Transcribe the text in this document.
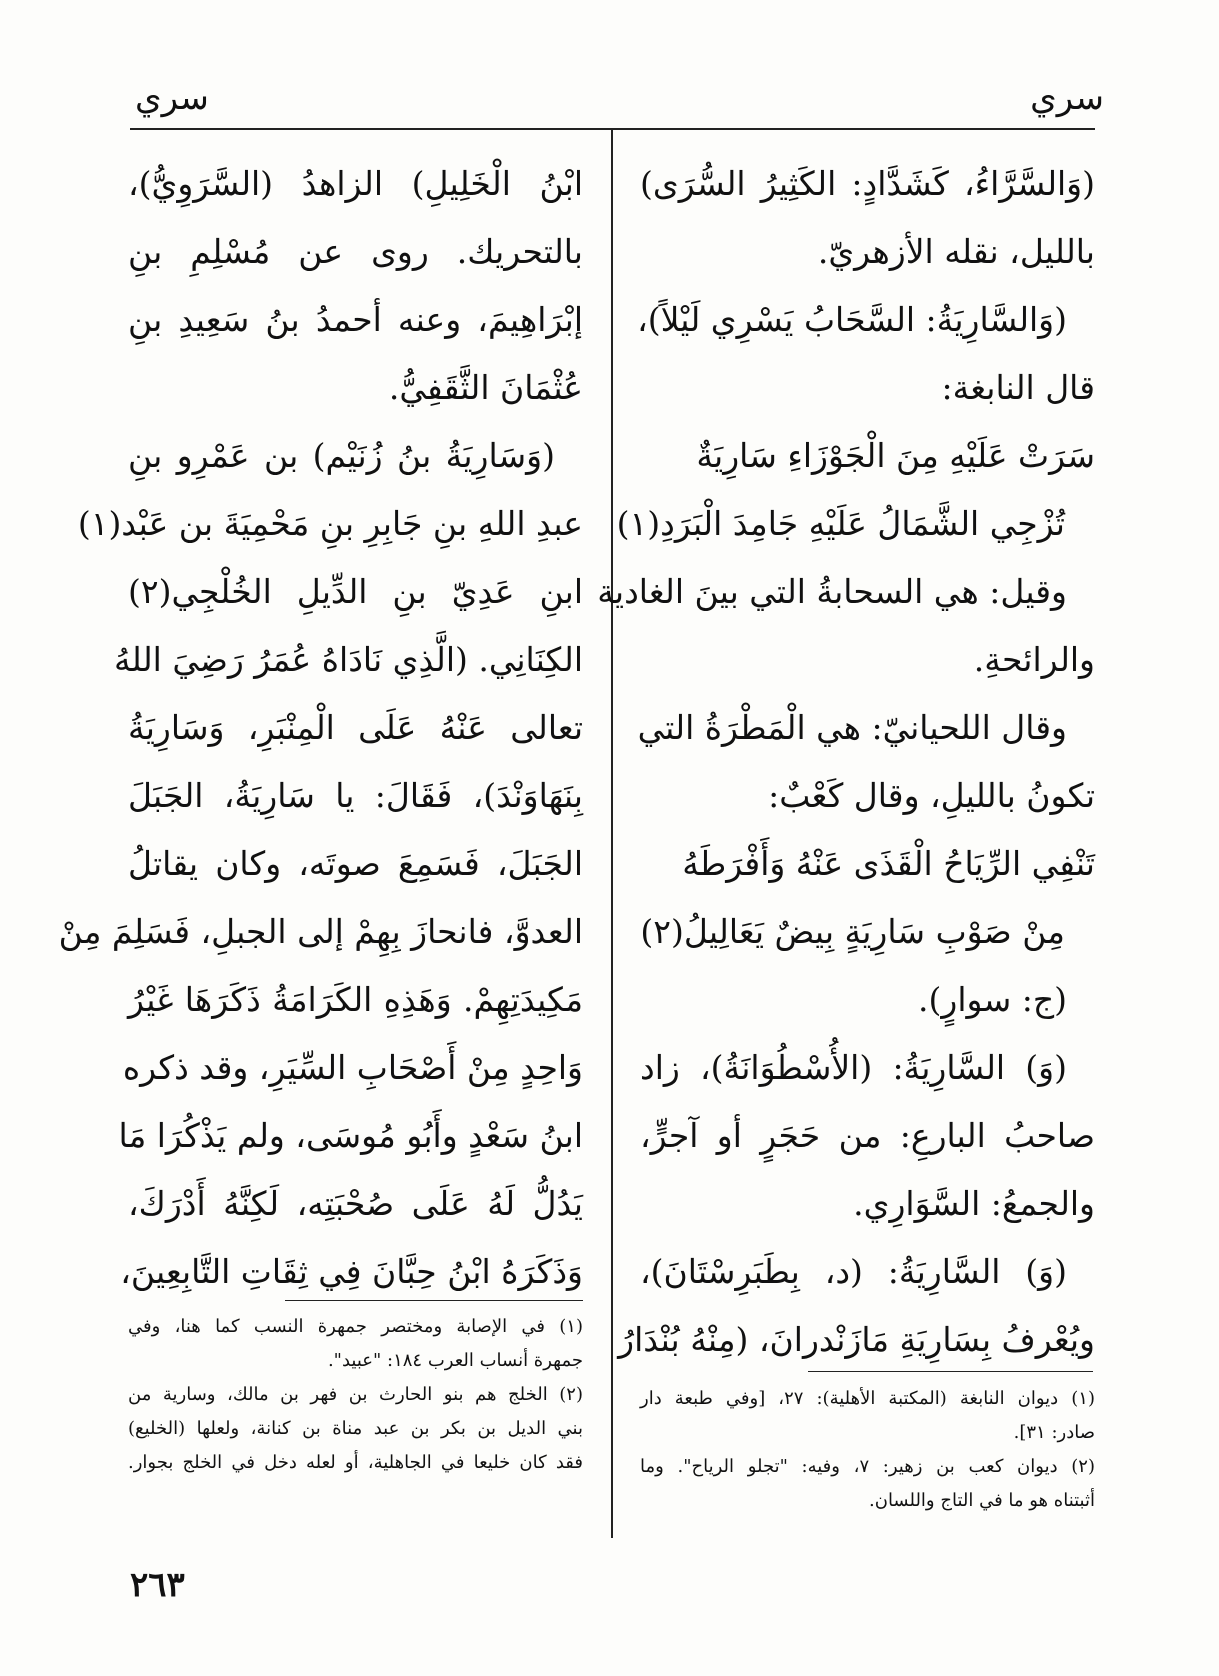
سري
سري
(وَالسَّرَّاءُ، كَشَدَّادٍ: الكَثِيرُ السُّرَى)
بالليل، نقله الأزهريّ.
(وَالسَّارِيَةُ: السَّحَابُ يَسْرِي لَيْلاً)،
قال النابغة:
سَرَتْ عَلَيْهِ مِنَ الْجَوْزَاءِ سَارِيَةٌ
تُزْجِي الشَّمَالُ عَلَيْهِ جَامِدَ الْبَرَدِ(١)
وقيل: هي السحابةُ التي بينَ الغادية
والرائحةِ.
وقال اللحيانيّ: هي الْمَطْرَةُ التي
تكونُ بالليلِ، وقال كَعْبٌ:
تَنْفِي الرِّيَاحُ الْقَذَى عَنْهُ وَأَفْرَطَهُ
مِنْ صَوْبِ سَارِيَةٍ بِيضٌ يَعَالِيلُ(٢)
(ج: سوارٍ).
(وَ) السَّارِيَةُ: (الأُسْطُوَانَةُ)، زاد
صاحبُ البارعِ: من حَجَرٍ أو آجرٍّ،
والجمعُ: السَّوَارِي.
(وَ) السَّارِيَةُ: (د، بِطَبَرِسْتَانَ)،
ويُعْرفُ بِسَارِيَةِ مَازَنْدرانَ، (مِنْهُ بُنْدَارُ
ابْنُ الْخَلِيلِ) الزاهدُ (السَّرَوِيُّ)،
بالتحريك. روى عن مُسْلِمِ بنِ
إبْرَاهِيمَ، وعنه أحمدُ بنُ سَعِيدِ بنِ
عُثْمَانَ الثَّقَفِيُّ.
(وَسَارِيَةُ بنُ زُنَيْم) بن عَمْرِو بنِ
عبدِ اللهِ بنِ جَابِرِ بنِ مَحْمِيَةَ بن عَبْد(١)
ابنِ عَدِيّ بنِ الدِّيلِ الخُلْجِي(٢)
الكِنَانِي. (الَّذِي نَادَاهُ عُمَرُ رَضِيَ اللهُ
تعالى عَنْهُ عَلَى الْمِنْبَرِ، وَسَارِيَةُ
بِنَهَاوَنْدَ)، فَقَالَ: يا سَارِيَةُ، الجَبَلَ
الجَبَلَ، فَسَمِعَ صوتَه، وكان يقاتلُ
العدوَّ، فانحازَ بِهِمْ إلى الجبلِ، فَسَلِمَ مِنْ
مَكِيدَتِهِمْ. وَهَذِهِ الكَرَامَةُ ذَكَرَهَا غَيْرُ
وَاحِدٍ مِنْ أَصْحَابِ السِّيَرِ، وقد ذكره
ابنُ سَعْدٍ وأَبُو مُوسَى، ولم يَذْكُرَا مَا
يَدُلُّ لَهُ عَلَى صُحْبَتِه، لَكِنَّهُ أَدْرَكَ،
وَذَكَرَهُ ابْنُ حِبَّانَ فِي ثِقَاتِ التَّابِعِينَ،
(١) ديوان النابغة (المكتبة الأهلية): ٢٧، [وفي طبعة دار
صادر: ٣١].
(٢) ديوان كعب بن زهير: ٧، وفيه: "تجلو الرياح". وما
أثبتناه هو ما في التاج واللسان.
(١) في الإصابة ومختصر جمهرة النسب كما هنا، وفي
جمهرة أنساب العرب ١٨٤: "عبيد".
(٢) الخلج هم بنو الحارث بن فهر بن مالك، وسارية من
بني الديل بن بكر بن عبد مناة بن كنانة، ولعلها (الخليع)
فقد كان خليعا في الجاهلية، أو لعله دخل في الخلج بجوار.
٢٦٣
